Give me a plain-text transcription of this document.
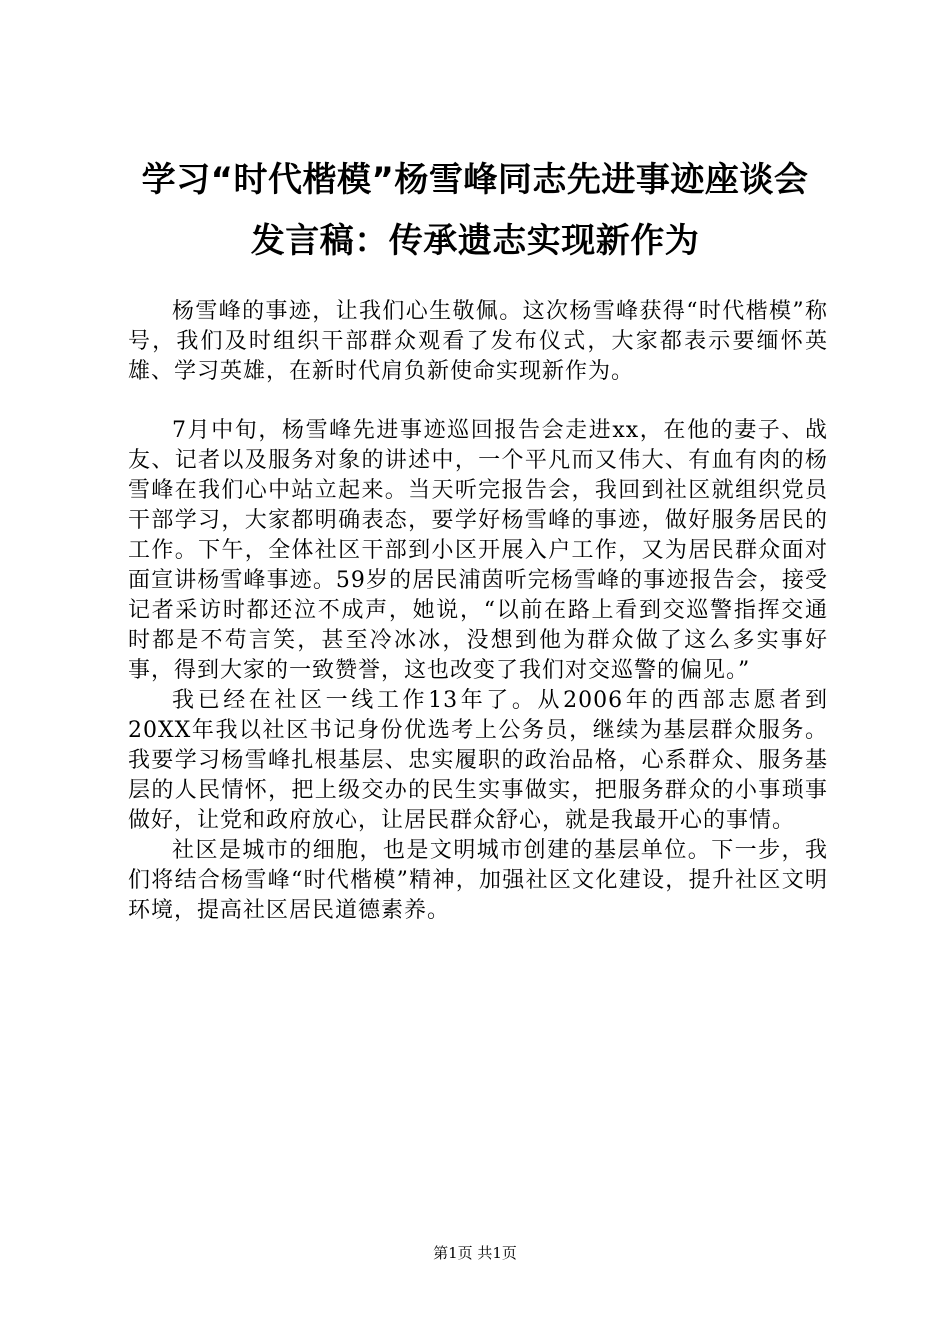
学习“时代楷模”杨雪峰同志先进事迹座谈会
发言稿：传承遗志实现新作为

杨雪峰的事迹，让我们心生敬佩。这次杨雪峰获得“时代楷模”称号，我们及时组织干部群众观看了发布仪式，大家都表示要缅怀英雄、学习英雄，在新时代肩负新使命实现新作为。

7月中旬，杨雪峰先进事迹巡回报告会走进xx，在他的妻子、战友、记者以及服务对象的讲述中，一个平凡而又伟大、有血有肉的杨雪峰在我们心中站立起来。当天听完报告会，我回到社区就组织党员干部学习，大家都明确表态，要学好杨雪峰的事迹，做好服务居民的工作。下午，全体社区干部到小区开展入户工作，又为居民群众面对面宣讲杨雪峰事迹。59岁的居民浦茵听完杨雪峰的事迹报告会，接受记者采访时都还泣不成声，她说，“以前在路上看到交巡警指挥交通时都是不苟言笑，甚至冷冰冰，没想到他为群众做了这么多实事好事，得到大家的一致赞誉，这也改变了我们对交巡警的偏见。”

我已经在社区一线工作13年了。从2006年的西部志愿者到20XX年我以社区书记身份优选考上公务员，继续为基层群众服务。我要学习杨雪峰扎根基层、忠实履职的政治品格，心系群众、服务基层的人民情怀，把上级交办的民生实事做实，把服务群众的小事琐事做好，让党和政府放心，让居民群众舒心，就是我最开心的事情。

社区是城市的细胞，也是文明城市创建的基层单位。下一步，我们将结合杨雪峰“时代楷模”精神，加强社区文化建设，提升社区文明环境，提高社区居民道德素养。

第1页 共1页
